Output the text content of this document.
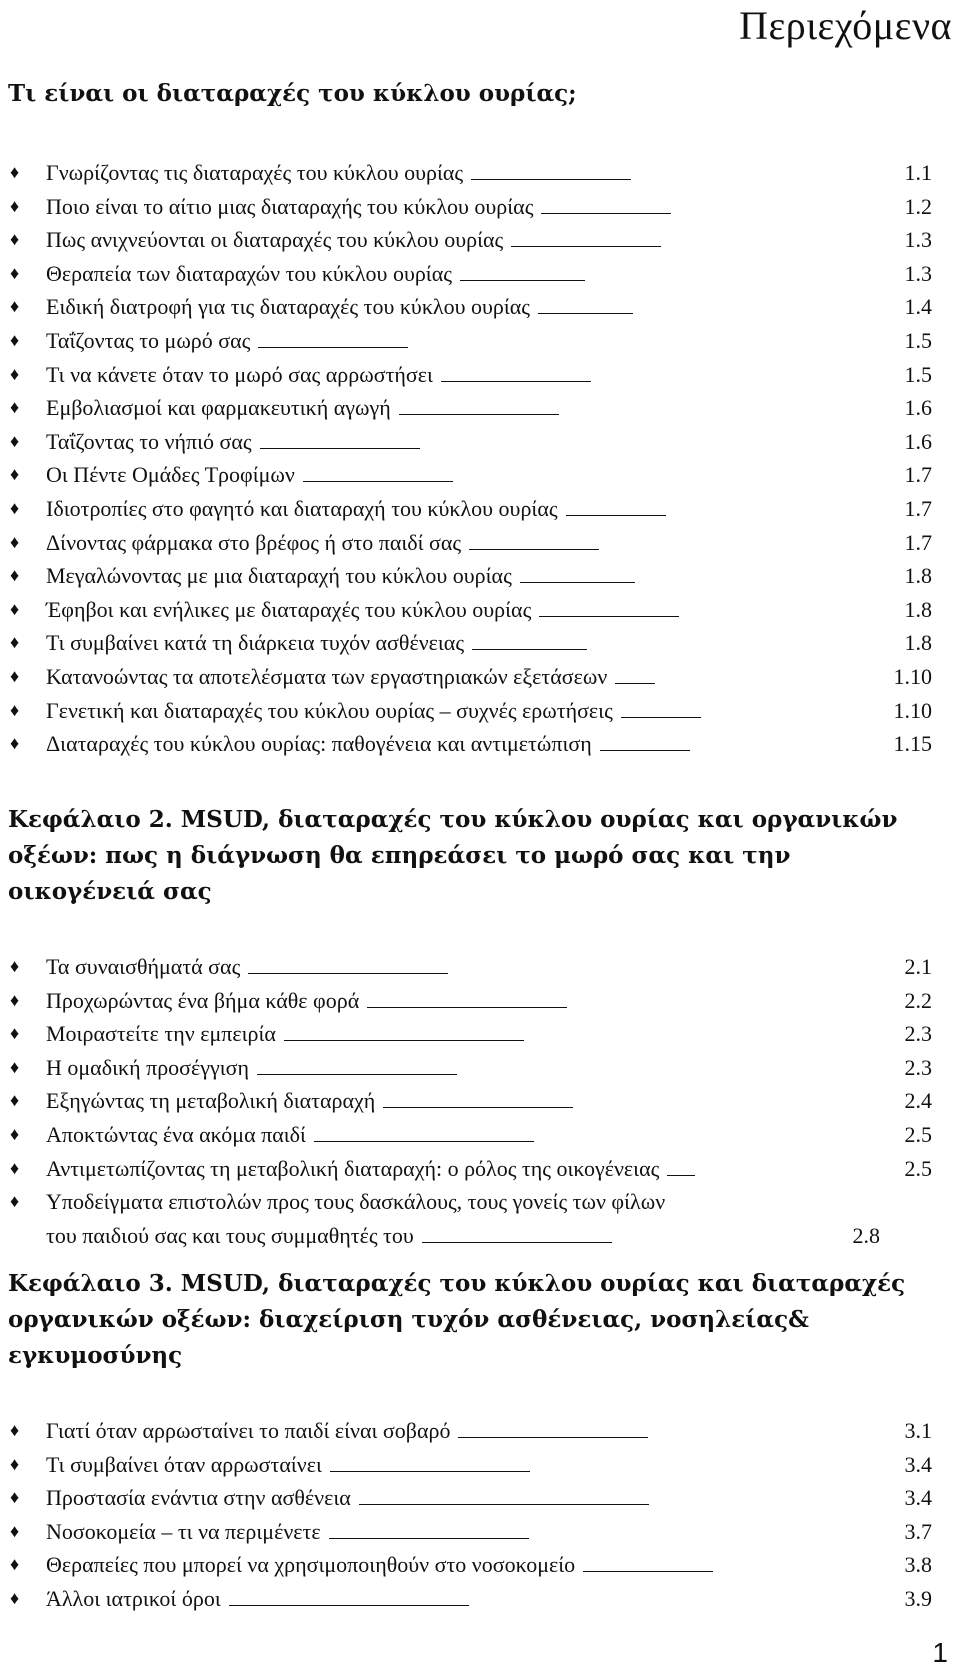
Περιεχόμενα
Τι είναι οι διαταραχές του κύκλου ουρίας;
♦ Γνωρίζοντας τις διαταραχές του κύκλου ουρίας	1.1
♦ Ποιο είναι το αίτιο μιας διαταραχής του κύκλου ουρίας	1.2
♦ Πως ανιχνεύονται οι διαταραχές του κύκλου ουρίας	1.3
♦ Θεραπεία των διαταραχών του κύκλου ουρίας	1.3
♦ Ειδική διατροφή για τις διαταραχές του κύκλου ουρίας	1.4
♦ Ταΐζοντας το μωρό σας	1.5
♦ Τι να κάνετε όταν το μωρό σας αρρωστήσει	1.5
♦ Εμβολιασμοί και φαρμακευτική αγωγή	1.6
♦ Ταΐζοντας το νήπιό σας	1.6
♦ Οι Πέντε Ομάδες Τροφίμων	1.7
♦ Ιδιοτροπίες στο φαγητό και διαταραχή του κύκλου ουρίας	1.7
♦ Δίνοντας φάρμακα στο βρέφος ή στο παιδί σας	1.7
♦ Μεγαλώνοντας με μια διαταραχή του κύκλου ουρίας	1.8
♦ Έφηβοι και ενήλικες με διαταραχές του κύκλου ουρίας	1.8
♦ Τι συμβαίνει κατά τη διάρκεια τυχόν ασθένειας	1.8
♦ Κατανοώντας τα αποτελέσματα των εργαστηριακών εξετάσεων	1.10
♦ Γενετική και διαταραχές του κύκλου ουρίας – συχνές ερωτήσεις	1.10
♦ Διαταραχές του κύκλου ουρίας: παθογένεια και αντιμετώπιση	1.15
Κεφάλαιο 2. MSUD, διαταραχές του κύκλου ουρίας και οργανικών οξέων: πως η διάγνωση θα επηρεάσει το μωρό σας και την οικογένειά σας
♦ Τα συναισθήματά σας	2.1
♦ Προχωρώντας ένα βήμα κάθε φορά	2.2
♦ Μοιραστείτε την εμπειρία	2.3
♦ Η ομαδική προσέγγιση	2.3
♦ Εξηγώντας τη μεταβολική διαταραχή	2.4
♦ Αποκτώντας ένα ακόμα παιδί	2.5
♦ Αντιμετωπίζοντας τη μεταβολική διαταραχή: ο ρόλος της οικογένειας	2.5
♦ Υποδείγματα επιστολών προς τους δασκάλους, τους γονείς των φίλων
του παιδιού σας και τους συμμαθητές του	2.8
Κεφάλαιο 3. MSUD, διαταραχές του κύκλου ουρίας και διαταραχές οργανικών οξέων: διαχείριση τυχόν ασθένειας, νοσηλείας& εγκυμοσύνης
♦ Γιατί όταν αρρωσταίνει το παιδί είναι σοβαρό	3.1
♦ Τι συμβαίνει όταν αρρωσταίνει	3.4
♦ Προστασία ενάντια στην ασθένεια	3.4
♦ Νοσοκομεία – τι να περιμένετε	3.7
♦ Θεραπείες που μπορεί να χρησιμοποιηθούν στο νοσοκομείο	3.8
♦ Άλλοι ιατρικοί όροι	3.9
1
